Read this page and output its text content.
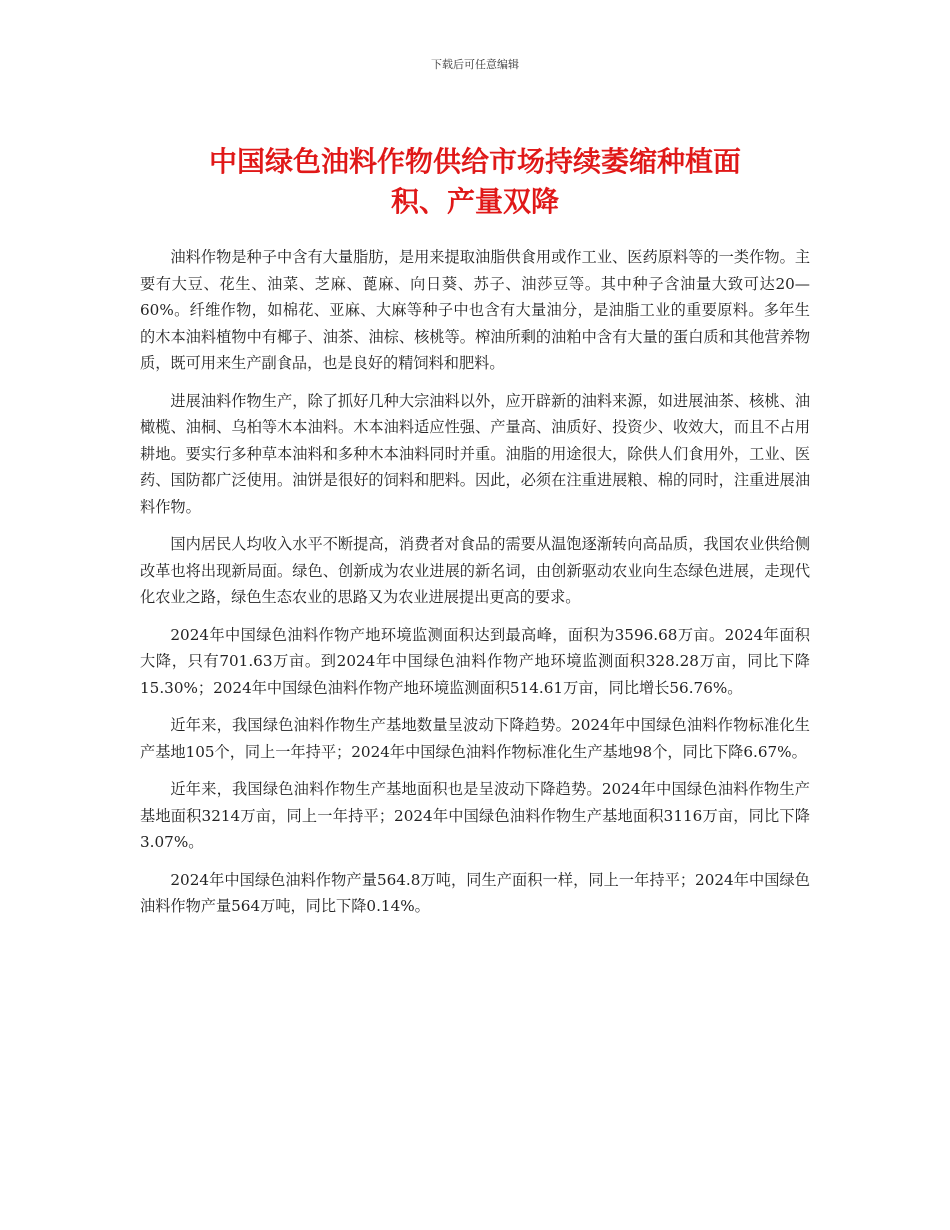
下载后可任意编辑
中国绿色油料作物供给市场持续萎缩种植面
积、产量双降

油料作物是种子中含有大量脂肪，是用来提取油脂供食用或作工业、医药原料等的一类作物。主要有大豆、花生、油菜、芝麻、蓖麻、向日葵、苏子、油莎豆等。其中种子含油量大致可达20—60%。纤维作物，如棉花、亚麻、大麻等种子中也含有大量油分，是油脂工业的重要原料。多年生的木本油料植物中有椰子、油茶、油棕、核桃等。榨油所剩的油粕中含有大量的蛋白质和其他营养物质，既可用来生产副食品，也是良好的精饲料和肥料。

进展油料作物生产，除了抓好几种大宗油料以外，应开辟新的油料来源，如进展油茶、核桃、油橄榄、油桐、乌桕等木本油料。木本油料适应性强、产量高、油质好、投资少、收效大，而且不占用耕地。要实行多种草本油料和多种木本油料同时并重。油脂的用途很大，除供人们食用外，工业、医药、国防都广泛使用。油饼是很好的饲料和肥料。因此，必须在注重进展粮、棉的同时，注重进展油料作物。

国内居民人均收入水平不断提高，消费者对食品的需要从温饱逐渐转向高品质，我国农业供给侧改革也将出现新局面。绿色、创新成为农业进展的新名词，由创新驱动农业向生态绿色进展，走现代化农业之路，绿色生态农业的思路又为农业进展提出更高的要求。

2024年中国绿色油料作物产地环境监测面积达到最高峰，面积为3596.68万亩。2024年面积大降，只有701.63万亩。到2024年中国绿色油料作物产地环境监测面积328.28万亩，同比下降15.30%；2024年中国绿色油料作物产地环境监测面积514.61万亩，同比增长56.76%。

近年来，我国绿色油料作物生产基地数量呈波动下降趋势。2024年中国绿色油料作物标准化生产基地105个，同上一年持平；2024年中国绿色油料作物标准化生产基地98个，同比下降6.67%。

近年来，我国绿色油料作物生产基地面积也是呈波动下降趋势。2024年中国绿色油料作物生产基地面积3214万亩，同上一年持平；2024年中国绿色油料作物生产基地面积3116万亩，同比下降3.07%。

2024年中国绿色油料作物产量564.8万吨，同生产面积一样，同上一年持平；2024年中国绿色油料作物产量564万吨，同比下降0.14%。
